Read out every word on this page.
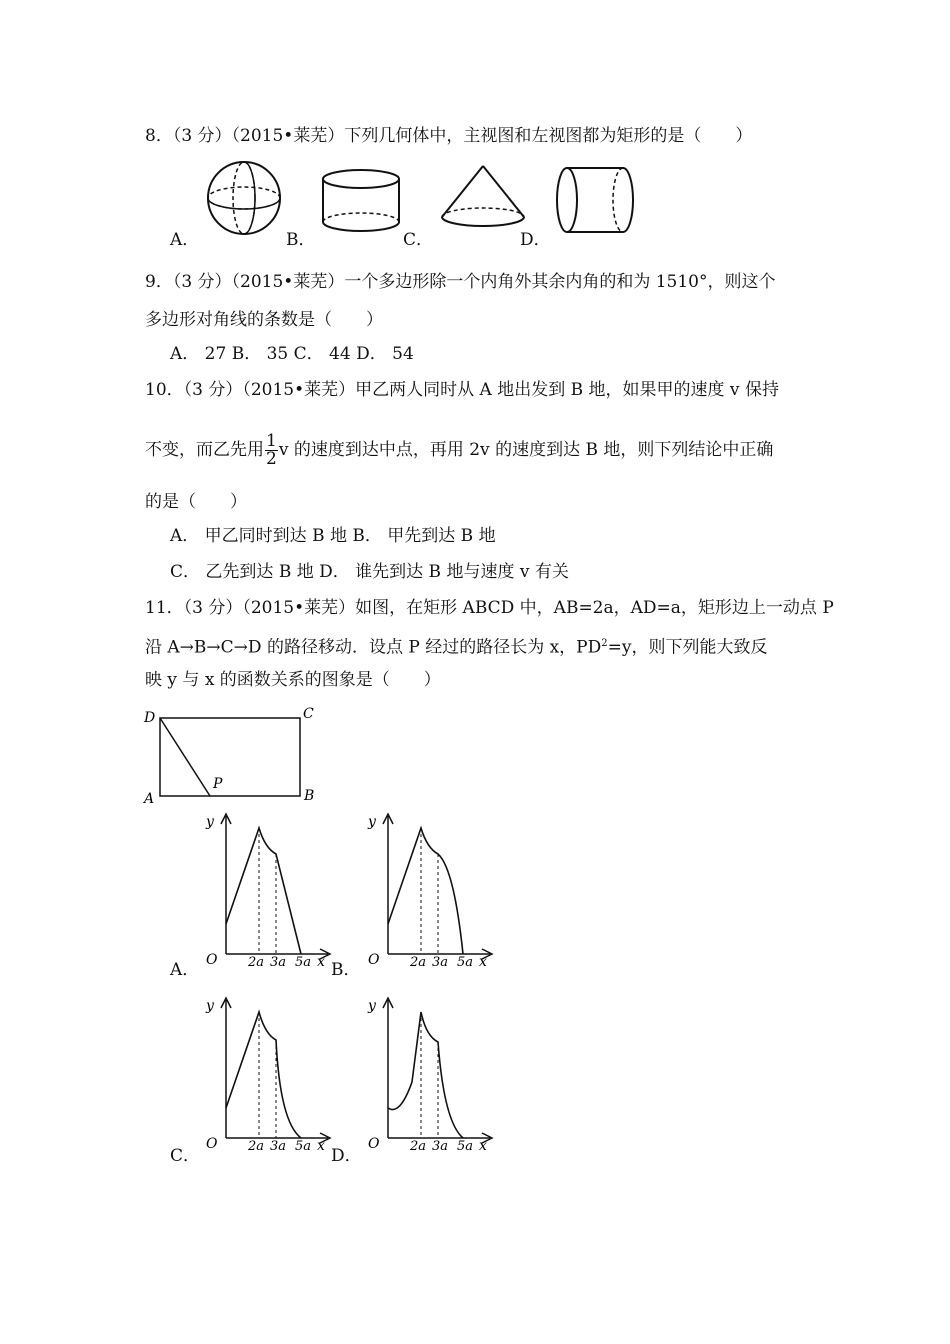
8．（3 分）（2015•莱芜）下列几何体中，主视图和左视图都为矩形的是（　　）
A．	B．	C．	D．
9．（3 分）（2015•莱芜）一个多边形除一个内角外其余内角的和为 1510°，则这个
多边形对角线的条数是（　　）
A． 27 B． 35 C． 44 D． 54
10．（3 分）（2015•莱芜）甲乙两人同时从 A 地出发到 B 地，如果甲的速度 v 保持
不变，而乙先用 $\frac{1}{2}$ v 的速度到达中点，再用 2v 的速度到达 B 地，则下列结论中正确
的是（　　）
A． 甲乙同时到达 B 地 B． 甲先到达 B 地
C． 乙先到达 B 地 D． 谁先到达 B 地与速度 v 有关
11．（3 分）（2015•莱芜）如图，在矩形 ABCD 中，AB=2a，AD=a，矩形边上一动点 P
沿 A→B→C→D 的路径移动．设点 P 经过的路径长为 x，$PD^2=y$，则下列能大致反
映 y 与 x 的函数关系的图象是（　　）
D	C
A	B
P
A．
y
O 2a 3a 5a x B．
y
O 2a 3a 5a x
C．
y
O 2a 3a 5a x D．
y
O 2a 3a 5a x
